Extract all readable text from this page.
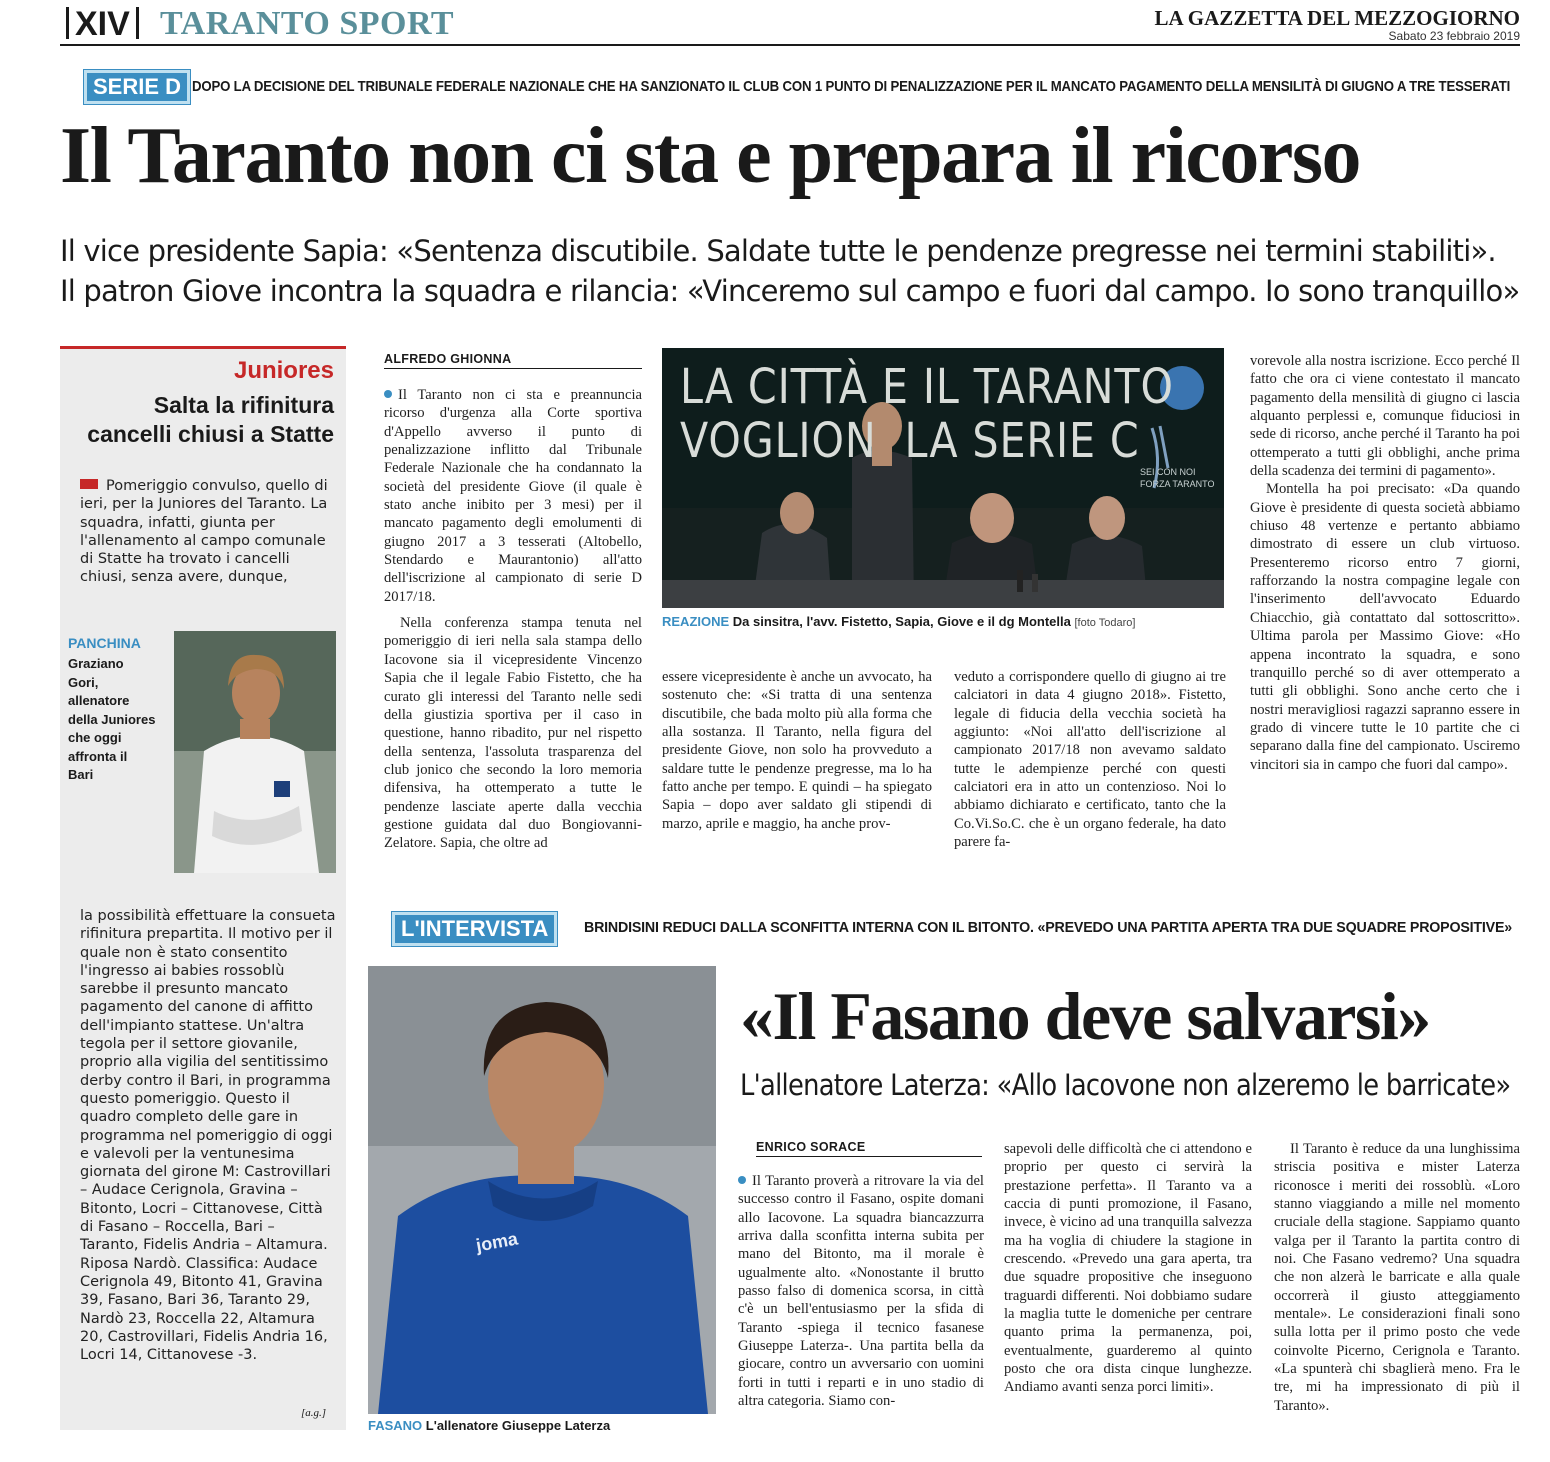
XIV TARANTO SPORT	LA GAZZETTA DEL MEZZOGIORNO
Sabato 23 febbraio 2019
SERIE D DOPO LA DECISIONE DEL TRIBUNALE FEDERALE NAZIONALE CHE HA SANZIONATO IL CLUB CON 1 PUNTO DI PENALIZZAZIONE PER IL MANCATO PAGAMENTO DELLA MENSILITÀ DI GIUGNO A TRE TESSERATI
Il Taranto non ci sta e prepara il ricorso
Il vice presidente Sapia: «Sentenza discutibile. Saldate tutte le pendenze pregresse nei termini stabiliti».
Il patron Giove incontra la squadra e rilancia: «Vinceremo sul campo e fuori dal campo. Io sono tranquillo»
Juniores
Salta la rifinitura cancelli chiusi a Statte
Pomeriggio convulso, quello di ieri, per la Juniores del Taranto. La squadra, infatti, giunta per l'allenamento al campo comunale di Statte ha trovato i cancelli chiusi, senza avere, dunque,
PANCHINA
Graziano Gori, allenatore della Juniores che oggi affronta il Bari
la possibilità effettuare la consueta rifinitura prepartita. Il motivo per il quale non è stato consentito l'ingresso ai babies rossoblù sarebbe il presunto mancato pagamento del canone di affitto dell'impianto stattese. Un'altra tegola per il settore giovanile, proprio alla vigilia del sentitissimo derby contro il Bari, in programma questo pomeriggio. Questo il quadro completo delle gare in programma nel pomeriggio di oggi e valevoli per la ventunesima giornata del girone M: Castrovillari – Audace Cerignola, Gravina – Bitonto, Locri – Cittanovese, Città di Fasano – Roccella, Bari – Taranto, Fidelis Andria – Altamura. Riposa Nardò. Classifica: Audace Cerignola 49, Bitonto 41, Gravina 39, Fasano, Bari 36, Taranto 29, Nardò 23, Roccella 22, Altamura 20, Castrovillari, Fidelis Andria 16, Locri 14, Cittanovese -3.
[a.g.]
ALFREDO GHIONNA

Il Taranto non ci sta e preannuncia ricorso d'urgenza alla Corte sportiva d'Appello avverso il punto di penalizzazione inflitto dal Tribunale Federale Nazionale che ha condannato la società del presidente Giove (il quale è stato anche inibito per 3 mesi) per il mancato pagamento degli emolumenti di giugno 2017 a 3 tesserati (Altobello, Stendardo e Maurantonio) all'atto dell'iscrizione al campionato di serie D 2017/18.

Nella conferenza stampa tenuta nel pomeriggio di ieri nella sala stampa dello Iacovone sia il vicepresidente Vincenzo Sapia che il legale Fabio Fistetto, che ha curato gli interessi del Taranto nelle sedi della giustizia sportiva per il caso in questione, hanno ribadito, pur nel rispetto della sentenza, l'assoluta trasparenza del club jonico che secondo la loro memoria difensiva, ha ottemperato a tutte le pendenze lasciate aperte dalla vecchia gestione guidata dal duo Bongiovanni-Zelatore. Sapia, che oltre ad

LA CITTÀ E IL TARANTO
VOGLION  LA SERIE C
SEI CON NOI
FORZA TARANTO
REAZIONE Da sinsitra, l'avv. Fistetto, Sapia, Giove e il dg Montella [foto Todaro]
essere vicepresidente è anche un avvocato, ha sostenuto che: «Si tratta di una sentenza discutibile, che bada molto più alla forma che alla sostanza. Il Taranto, nella figura del presidente Giove, non solo ha provveduto a saldare tutte le pendenze pregresse, ma lo ha fatto anche per tempo. E quindi – ha spiegato Sapia – dopo aver saldato gli stipendi di marzo, aprile e maggio, ha anche prov-
veduto a corrispondere quello di giugno ai tre calciatori in data 4 giugno 2018». Fistetto, legale di fiducia della vecchia società ha aggiunto: «Noi all'atto dell'iscrizione al campionato 2017/18 non avevamo saldato tutte le adempienze perché con questi calciatori era in atto un contenzioso. Noi lo abbiamo dichiarato e certificato, tanto che la Co.Vi.So.C. che è un organo federale, ha dato parere fa-

vorevole alla nostra iscrizione. Ecco perché Il fatto che ora ci viene contestato il mancato pagamento della mensilità di giugno ci lascia alquanto perplessi e, comunque fiduciosi in sede di ricorso, anche perché il Taranto ha poi ottemperato a tutti gli obblighi, anche prima della scadenza dei termini di pagamento».

Montella ha poi precisato: «Da quando Giove è presidente di questa società abbiamo chiuso 48 vertenze e pertanto abbiamo dimostrato di essere un club virtuoso. Presenteremo ricorso entro 7 giorni, rafforzando la nostra compagine legale con l'inserimento dell'avvocato Eduardo Chiacchio, già contattato dal sottoscritto». Ultima parola per Massimo Giove: «Ho appena incontrato la squadra, e sono tranquillo perché so di aver ottemperato a tutti gli obblighi. Sono anche certo che i nostri meravigliosi ragazzi sapranno essere in grado di vincere tutte le 10 partite che ci separano dalla fine del campionato. Usciremo vincitori sia in campo che fuori dal campo».

L'INTERVISTA	BRINDISINI REDUCI DALLA SCONFITTA INTERNA CON IL BITONTO. «PREVEDO UNA PARTITA APERTA TRA DUE SQUADRE PROPOSITIVE»
«Il Fasano deve salvarsi»
L'allenatore Laterza: «Allo Iacovone non alzeremo le barricate»
joma
FASANO L'allenatore Giuseppe Laterza
ENRICO SORACE
Il Taranto proverà a ritrovare la via del successo contro il Fasano, ospite domani allo Iacovone. La squadra biancazzurra arriva dalla sconfitta interna subita per mano del Bitonto, ma il morale è ugualmente alto. «Nonostante il brutto passo falso di domenica scorsa, in città c'è un bell'entusiasmo per la sfida di Taranto -spiega il tecnico fasanese Giuseppe Laterza-. Una partita bella da giocare, contro un avversario con uomini forti in tutti i reparti e in uno stadio di altra categoria. Siamo con-
sapevoli delle difficoltà che ci attendono e proprio per questo ci servirà la prestazione perfetta». Il Taranto va a caccia di punti promozione, il Fasano, invece, è vicino ad una tranquilla salvezza ma ha voglia di chiudere la stagione in crescendo. «Prevedo una gara aperta, tra due squadre propositive che inseguono traguardi differenti. Noi dobbiamo sudare la maglia tutte le domeniche per centrare quanto prima la permanenza, poi, eventualmente, guarderemo al quinto posto che ora dista cinque lunghezze. Andiamo avanti senza porci limiti».
Il Taranto è reduce da una lunghissima striscia positiva e mister Laterza riconosce i meriti dei rossoblù. «Loro stanno viaggiando a mille nel momento cruciale della stagione. Sappiamo quanto valga per il Taranto la partita contro di noi. Che Fasano vedremo? Una squadra che non alzerà le barricate e alla quale occorrerà il giusto atteggiamento mentale». Le considerazioni finali sono sulla lotta per il primo posto che vede coinvolte Picerno, Cerignola e Taranto. «La spunterà chi sbaglierà meno. Fra le tre, mi ha impressionato di più il Taranto».
